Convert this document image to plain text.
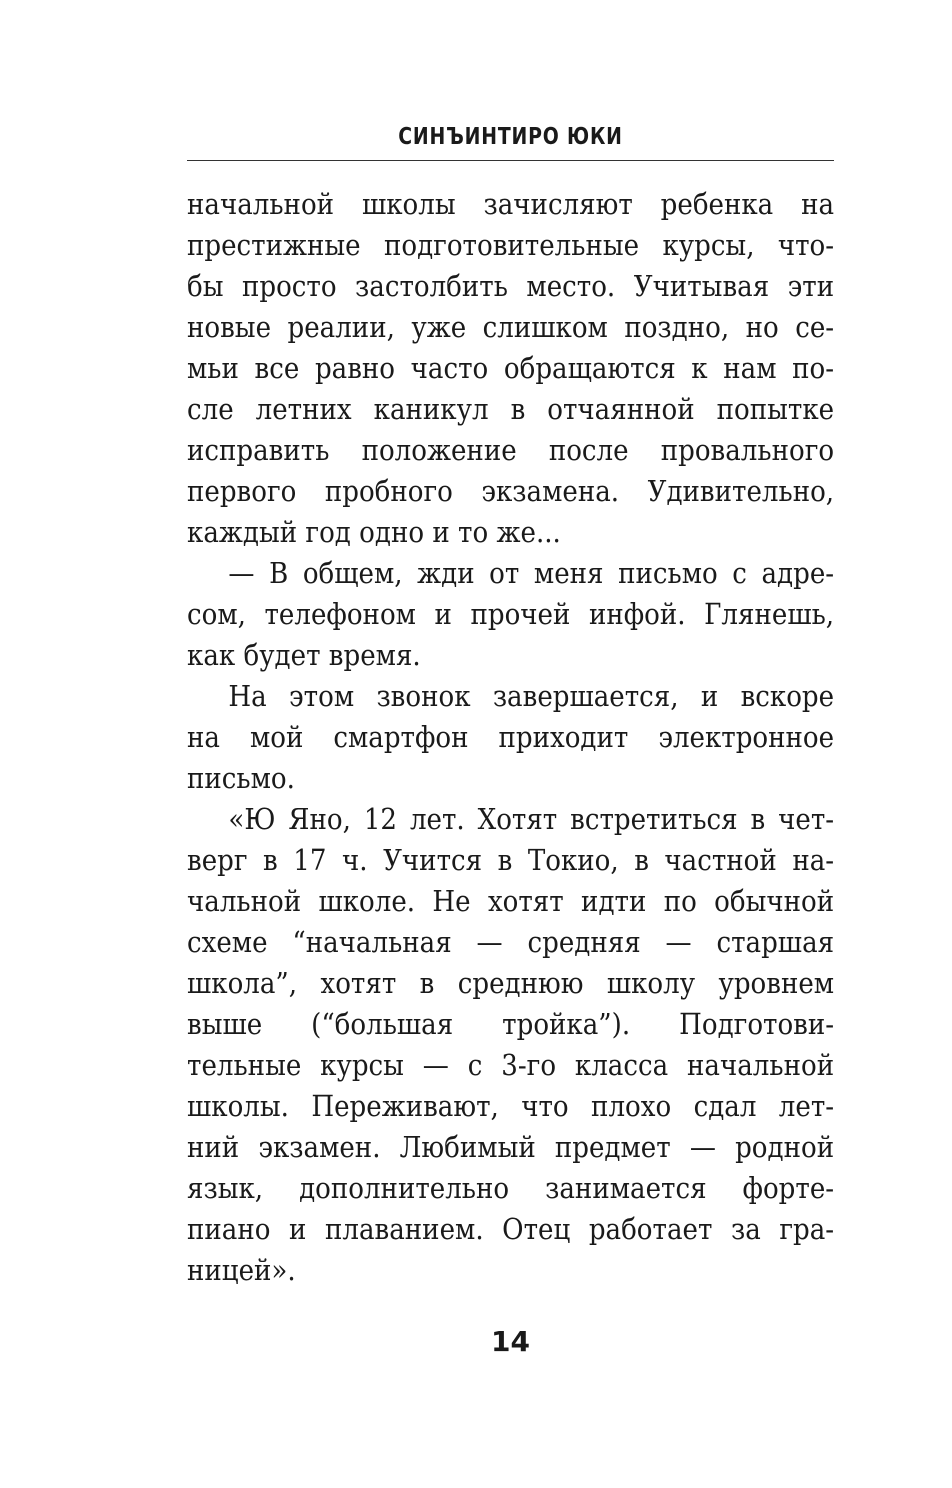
СИНЪИНТИРО ЮКИ
начальной школы зачисляют ребенка на
престижные подготовительные курсы, что-
бы просто застолбить место. Учитывая эти
новые реалии, уже слишком поздно, но се-
мьи все равно часто обращаются к нам по-
сле летних каникул в отчаянной попытке
исправить положение после провального
первого пробного экзамена. Удивительно,
каждый год одно и то же...
— В общем, жди от меня письмо с адре-
сом, телефоном и прочей инфой. Глянешь,
как будет время.
На этом звонок завершается, и вскоре
на мой смартфон приходит электронное
письмо.
«Ю Яно, 12 лет. Хотят встретиться в чет-
верг в 17 ч. Учится в Токио, в частной на-
чальной школе. Не хотят идти по обычной
схеме “начальная — средняя — старшая
школа”, хотят в среднюю школу уровнем
выше (“большая тройка”). Подготови-
тельные курсы — с 3-го класса начальной
школы. Переживают, что плохо сдал лет-
ний экзамен. Любимый предмет — родной
язык, дополнительно занимается форте-
пиано и плаванием. Отец работает за гра-
ницей».
14
